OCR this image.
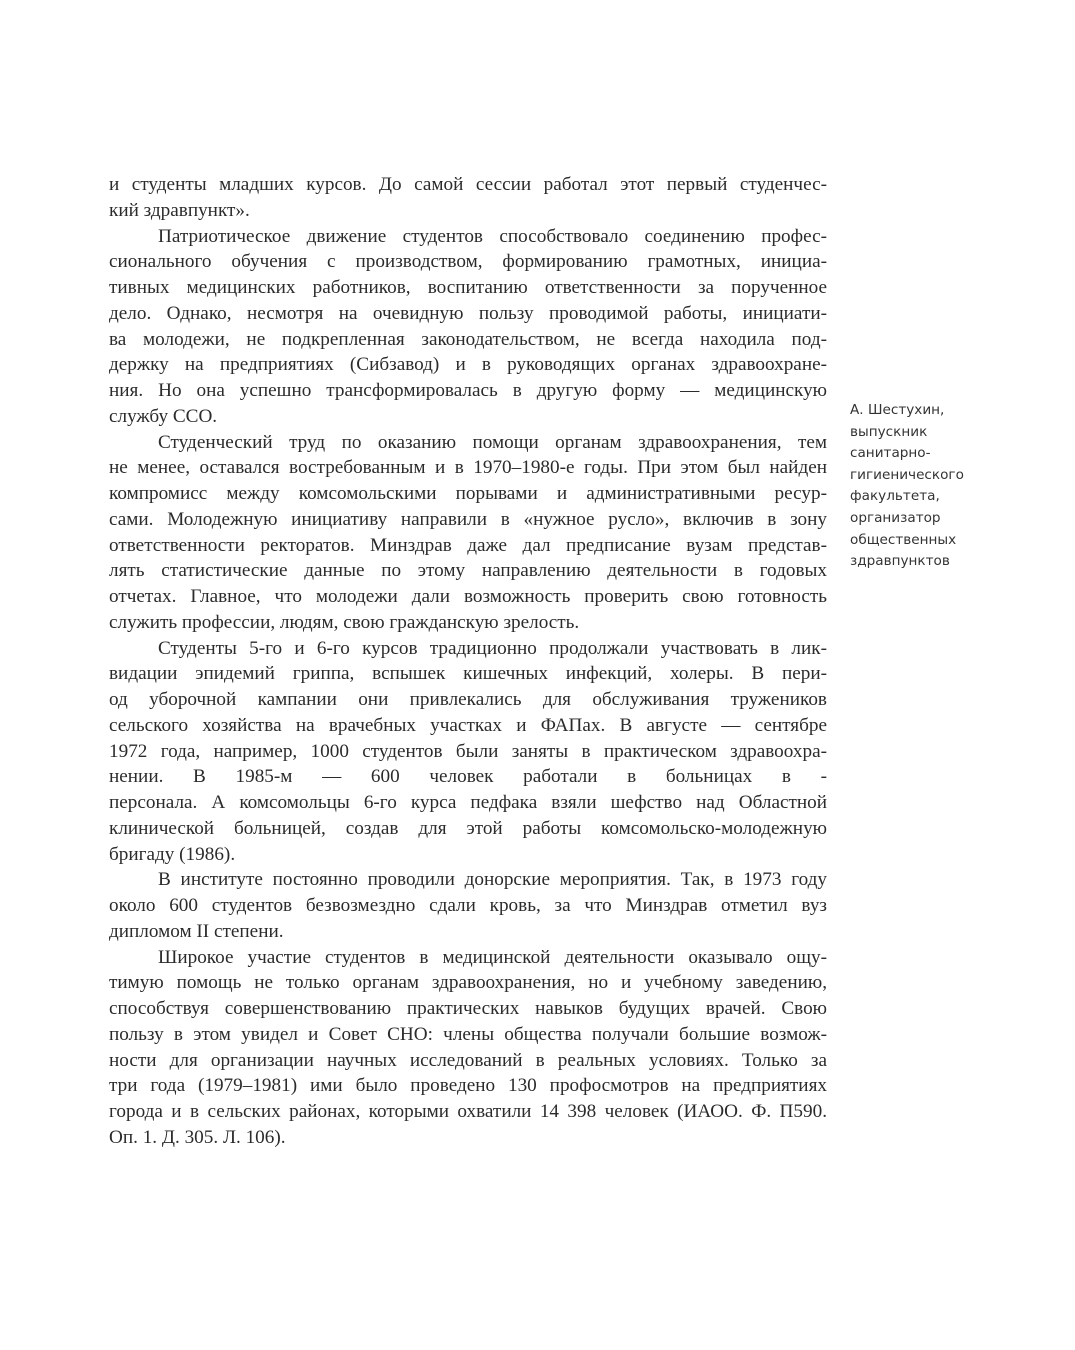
и студенты младших курсов. До самой сессии работал этот первый студенчес-
кий здравпункт».
Патриотическое движение студентов способствовало соединению профес-
сионального обучения с производством, формированию грамотных, инициа-
тивных медицинских работников, воспитанию ответственности за порученное
дело. Однако, несмотря на очевидную пользу проводимой работы, инициати-
ва молодежи, не подкрепленная законодательством, не всегда находила под-
держку на предприятиях (Сибзавод) и в руководящих органах здравоохране-
ния. Но она успешно трансформировалась в другую форму — медицинскую
службу ССО.
Студенческий труд по оказанию помощи органам здравоохранения, тем
не менее, оставался востребованным и в 1970–1980-е годы. При этом был найден
компромисс между комсомольскими порывами и административными ресур-
сами. Молодежную инициативу направили в «нужное русло», включив в зону
ответственности ректоратов. Минздрав даже дал предписание вузам представ-
лять статистические данные по этому направлению деятельности в годовых
отчетах. Главное, что молодежи дали возможность проверить свою готовность
служить профессии, людям, свою гражданскую зрелость.
Студенты 5-го и 6-го курсов традиционно продолжали участвовать в лик-
видации эпидемий гриппа, вспышек кишечных инфекций, холеры. В пери-
од уборочной кампании они привлекались для обслуживания тружеников
сельского хозяйства на врачебных участках и ФАПах. В августе — сентябре
1972 года, например, 1000 студентов были заняты в практическом здравоохра-
нении. В 1985-м — 600 человек работали в больницах в -
персонала. А комсомольцы 6-го курса педфака взяли шефство над Областной
клинической больницей, создав для этой работы комсомольско-молодежную
бригаду (1986).
В институте постоянно проводили донорские мероприятия. Так, в 1973 году
около 600 студентов безвозмездно сдали кровь, за что Минздрав отметил вуз
дипломом II степени.
Широкое участие студентов в медицинской деятельности оказывало ощу-
тимую помощь не только органам здравоохранения, но и учебному заведению,
способствуя совершенствованию практических навыков будущих врачей. Свою
пользу в этом увидел и Совет СНО: члены общества получали большие возмож-
ности для организации научных исследований в реальных условиях. Только за
три года (1979–1981) ими было проведено 130 профосмотров на предприятиях
города и в сельских районах, которыми охватили 14 398 человек (ИАОО. Ф. П590.
Оп. 1. Д. 305. Л. 106).
А. Шестухин,
выпускник
санитарно-
гигиенического
факультета,
организатор
общественных
здравпунктов
